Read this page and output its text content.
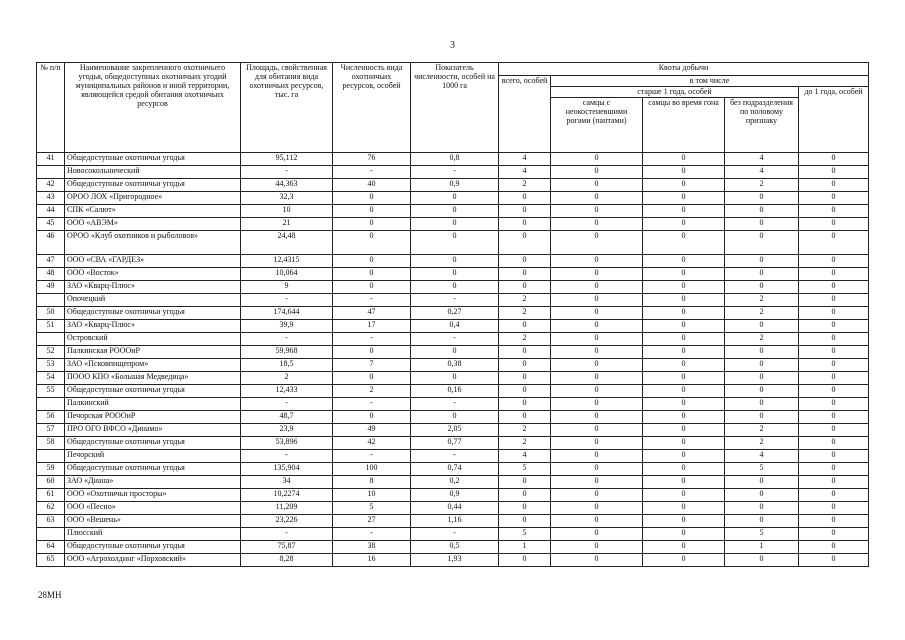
3
№ п/п	Наименование закрепленного охотничьего угодья, общедоступных охотничьих угодий муниципальных районов и иной территории, являющейся средой обитания охотничьих ресурсов	Площадь, свойственная для обитания вида охотничьих ресурсов, тыс. га	Численность вида охотничьих ресурсов, особей	Показатель численности, особей на 1000 га	Квоты добычи				
					всего, особей	в том числе			
						старше 1 года, особей			до 1 года, особей
						самцы с неокостеневшими рогами (пантами)	самцы во время гона	без подразделения по половому признаку	
41	Общедоступные охотничьи угодья	95,112	76	0,8	4	0	0	4	0
	Новосокольнический	-	-	-	4	0	0	4	0
42	Общедоступные охотничьи угодья	44,363	40	0,9	2	0	0	2	0
43	ОРОО ЛОХ «Пригородное»	32,3	0	0	0	0	0	0	0
44	СПК «Салют»	10	0	0	0	0	0	0	0
45	ООО «АВЭМ»	21	0	0	0	0	0	0	0
46	ОРОО «Клуб охотников и рыболовов»	24,48	0	0	0	0	0	0	0
47	ООО «СВА «ГАРДЕЗ»	12,4315	0	0	0	0	0	0	0
48	ООО «Восток»	10,064	0	0	0	0	0	0	0
49	ЗАО «Кварц-Плюс»	9	0	0	0	0	0	0	0
	Опочецкий	-	-	-	2	0	0	2	0
50	Общедоступные охотничьи угодья	174,644	47	0,27	2	0	0	2	0
51	ЗАО «Кварц-Плюс»	39,9	17	0,4	0	0	0	0	0
	Островский	-	-	-	2	0	0	2	0
52	Палкинская РОООиР	59,968	0	0	0	0	0	0	0
53	ЗАО «Псковпищепром»	18,5	7	0,38	0	0	0	0	0
54	ПООО КПО «Большая Медведица»	2	0	0	0	0	0	0	0
55	Общедоступные охотничьи угодья	12,433	2	0,16	0	0	0	0	0
	Палкинский	-	-	-	0	0	0	0	0
56	Печорская РОООиР	48,7	0	0	0	0	0	0	0
57	ПРО ОГО ВФСО «Динамо»	23,9	49	2,05	2	0	0	2	0
58	Общедоступные охотничьи угодья	53,896	42	0,77	2	0	0	2	0
	Печорский	-	-	-	4	0	0	4	0
59	Общедоступные охотничьи угодья	135,904	100	0,74	5	0	0	5	0
60	ЗАО «Диана»	34	8	0,2	0	0	0	0	0
61	ООО «Охотничьи просторы»	10,2274	10	0,9	0	0	0	0	0
62	ООО «Песно»	11,209	5	0,44	0	0	0	0	0
63	ООО «Вешень»	23,226	27	1,16	0	0	0	0	0
	Плюсский	-	-	-	5	0	0	5	0
64	Общедоступные охотничьи угодья	75,87	38	0,5	1	0	0	1	0
65	ООО «Агрохолдинг «Порховский»	8,28	16	1,93	0	0	0	0	0
28МН
